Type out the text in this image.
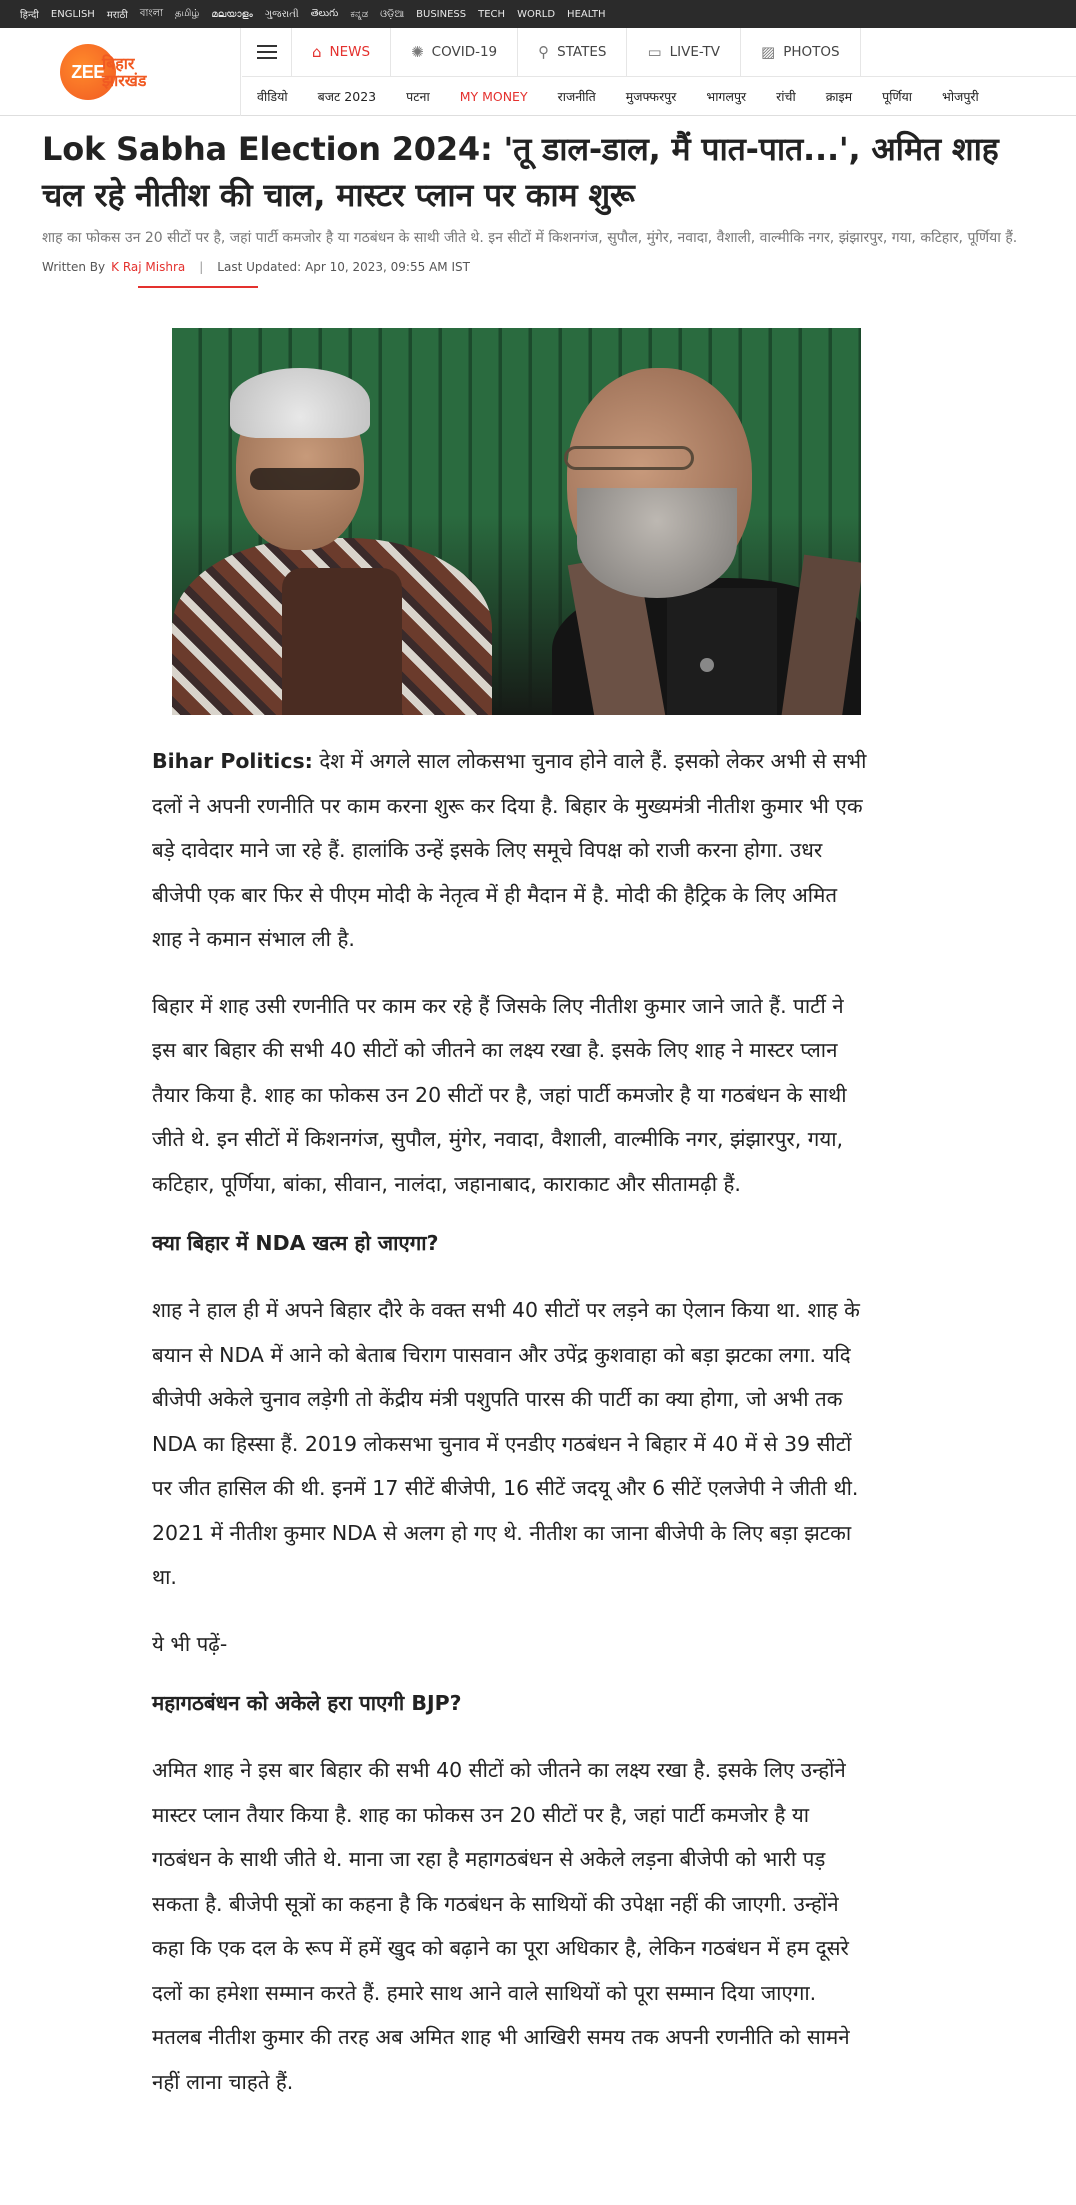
हिन्दी ENGLISH मराठी বাংলা தமிழ் മലയാളം ગુજરાતી తెలుగు ಕನ್ನಡ ଓଡ଼ିଆ BUSINESS TECH WORLD HEALTH
ZEE
बिहार
झारखंड
⌂ NEWS	✺ COVID-19	⚲ STATES	▭ LIVE-TV	▨ PHOTOS
वीडियो	बजट 2023	पटना	MY MONEY	राजनीति	मुजफ्फरपुर	भागलपुर	रांची	क्राइम	पूर्णिया	भोजपुरी
Lok Sabha Election 2024: 'तू डाल-डाल, मैं पात-पात...', अमित शाह चल रहे नीतीश की चाल, मास्टर प्लान पर काम शुरू

शाह का फोकस उन 20 सीटों पर है, जहां पार्टी कमजोर है या गठबंधन के साथी जीते थे. इन सीटों में किशनगंज, सुपौल, मुंगेर, नवादा, वैशाली, वाल्मीकि नगर, झंझारपुर, गया, कटिहार, पूर्णिया हैं.

Written By K Raj Mishra | Last Updated: Apr 10, 2023, 09:55 AM IST

Bihar Politics: देश में अगले साल लोकसभा चुनाव होने वाले हैं. इसको लेकर अभी से सभी दलों ने अपनी रणनीति पर काम करना शुरू कर दिया है. बिहार के मुख्यमंत्री नीतीश कुमार भी एक बड़े दावेदार माने जा रहे हैं. हालांकि उन्हें इसके लिए समूचे विपक्ष को राजी करना होगा. उधर बीजेपी एक बार फिर से पीएम मोदी के नेतृत्व में ही मैदान में है. मोदी की हैट्रिक के लिए अमित शाह ने कमान संभाल ली है.

बिहार में शाह उसी रणनीति पर काम कर रहे हैं जिसके लिए नीतीश कुमार जाने जाते हैं. पार्टी ने इस बार बिहार की सभी 40 सीटों को जीतने का लक्ष्य रखा है. इसके लिए शाह ने मास्टर प्लान तैयार किया है. शाह का फोकस उन 20 सीटों पर है, जहां पार्टी कमजोर है या गठबंधन के साथी जीते थे. इन सीटों में किशनगंज, सुपौल, मुंगेर, नवादा, वैशाली, वाल्मीकि नगर, झंझारपुर, गया, कटिहार, पूर्णिया, बांका, सीवान, नालंदा, जहानाबाद, काराकाट और सीतामढ़ी हैं.

क्या बिहार में NDA खत्म हो जाएगा?

शाह ने हाल ही में अपने बिहार दौरे के वक्त सभी 40 सीटों पर लड़ने का ऐलान किया था. शाह के बयान से NDA में आने को बेताब चिराग पासवान और उपेंद्र कुशवाहा को बड़ा झटका लगा. यदि बीजेपी अकेले चुनाव लड़ेगी तो केंद्रीय मंत्री पशुपति पारस की पार्टी का क्या होगा, जो अभी तक NDA का हिस्सा हैं. 2019 लोकसभा चुनाव में एनडीए गठबंधन ने बिहार में 40 में से 39 सीटों पर जीत हासिल की थी. इनमें 17 सीटें बीजेपी, 16 सीटें जदयू और 6 सीटें एलजेपी ने जीती थी. 2021 में नीतीश कुमार NDA से अलग हो गए थे. नीतीश का जाना बीजेपी के लिए बड़ा झटका था.

ये भी पढ़ें-

महागठबंधन को अकेले हरा पाएगी BJP?

अमित शाह ने इस बार बिहार की सभी 40 सीटों को जीतने का लक्ष्य रखा है. इसके लिए उन्होंने मास्टर प्लान तैयार किया है. शाह का फोकस उन 20 सीटों पर है, जहां पार्टी कमजोर है या गठबंधन के साथी जीते थे. माना जा रहा है महागठबंधन से अकेले लड़ना बीजेपी को भारी पड़ सकता है. बीजेपी सूत्रों का कहना है कि गठबंधन के साथियों की उपेक्षा नहीं की जाएगी. उन्होंने कहा कि एक दल के रूप में हमें खुद को बढ़ाने का पूरा अधिकार है, लेकिन गठबंधन में हम दूसरे दलों का हमेशा सम्मान करते हैं. हमारे साथ आने वाले साथियों को पूरा सम्मान दिया जाएगा. मतलब नीतीश कुमार की तरह अब अमित शाह भी आखिरी समय तक अपनी रणनीति को सामने नहीं लाना चाहते हैं.
